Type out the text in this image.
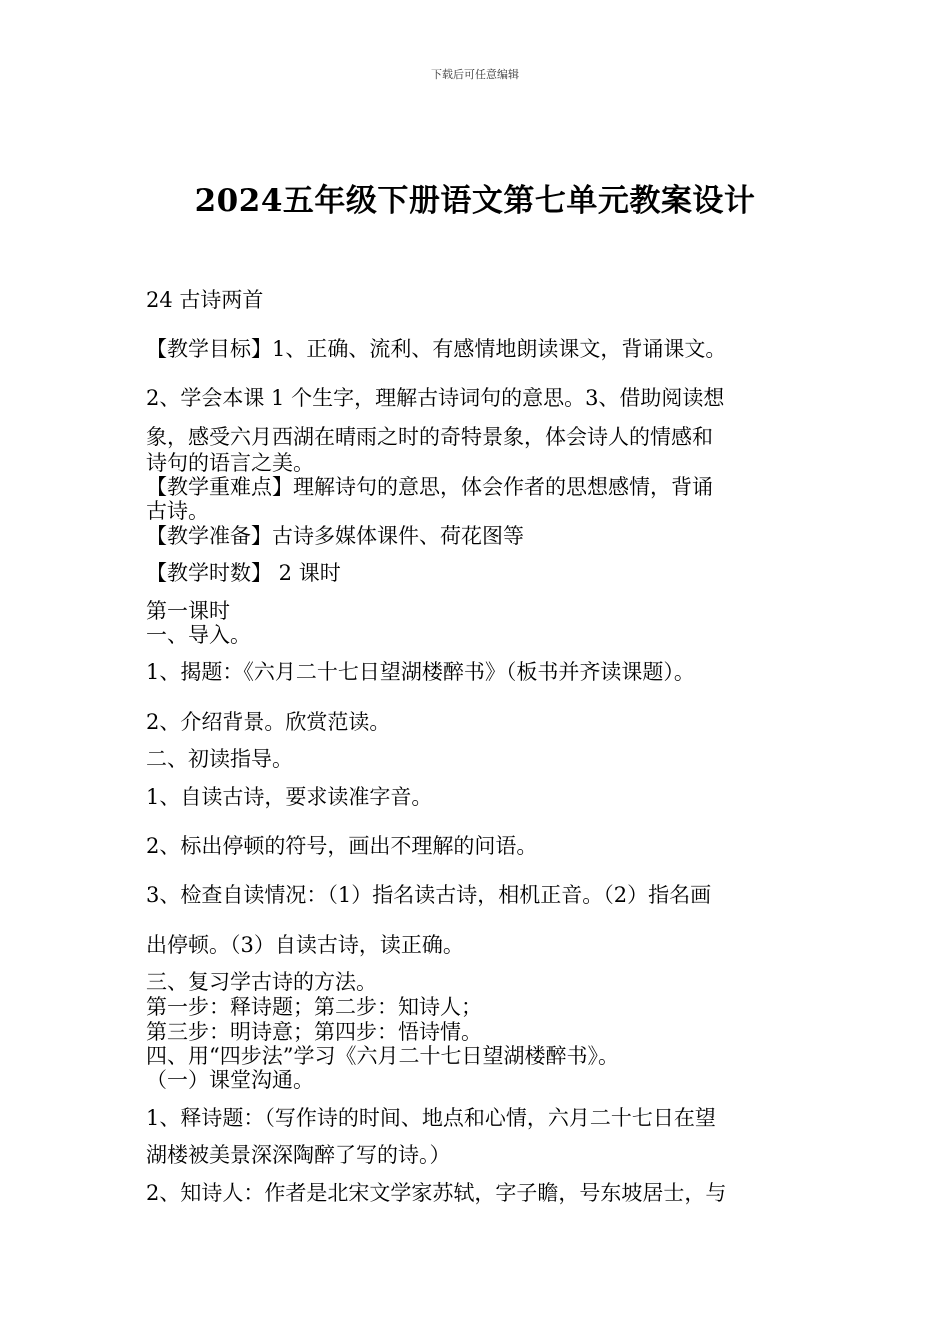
下载后可任意编辑
2024五年级下册语文第七单元教案设计
24 古诗两首
【教学目标】1、正确、流利、有感情地朗读课文，背诵课文。
2、学会本课 1 个生字，理解古诗词句的意思。3、借助阅读想
象，感受六月西湖在晴雨之时的奇特景象，体会诗人的情感和
诗句的语言之美。
【教学重难点】理解诗句的意思，体会作者的思想感情，背诵
古诗。
【教学准备】古诗多媒体课件、荷花图等
【教学时数】 2 课时
第一课时
一、导入。
1、揭题：《六月二十七日望湖楼醉书》（板书并齐读课题）。
2、介绍背景。欣赏范读。
二、初读指导。
1、自读古诗，要求读准字音。
2、标出停顿的符号，画出不理解的问语。
3、检查自读情况：（1）指名读古诗，相机正音。（2）指名画
出停顿。（3）自读古诗，读正确。
三、复习学古诗的方法。
第一步：释诗题；第二步：知诗人；
第三步：明诗意；第四步：悟诗情。
四、用“四步法”学习《六月二十七日望湖楼醉书》。
（一）课堂沟通。
1、释诗题：（写作诗的时间、地点和心情，六月二十七日在望
湖楼被美景深深陶醉了写的诗。）
2、知诗人：作者是北宋文学家苏轼，字子瞻，号东坡居士，与
